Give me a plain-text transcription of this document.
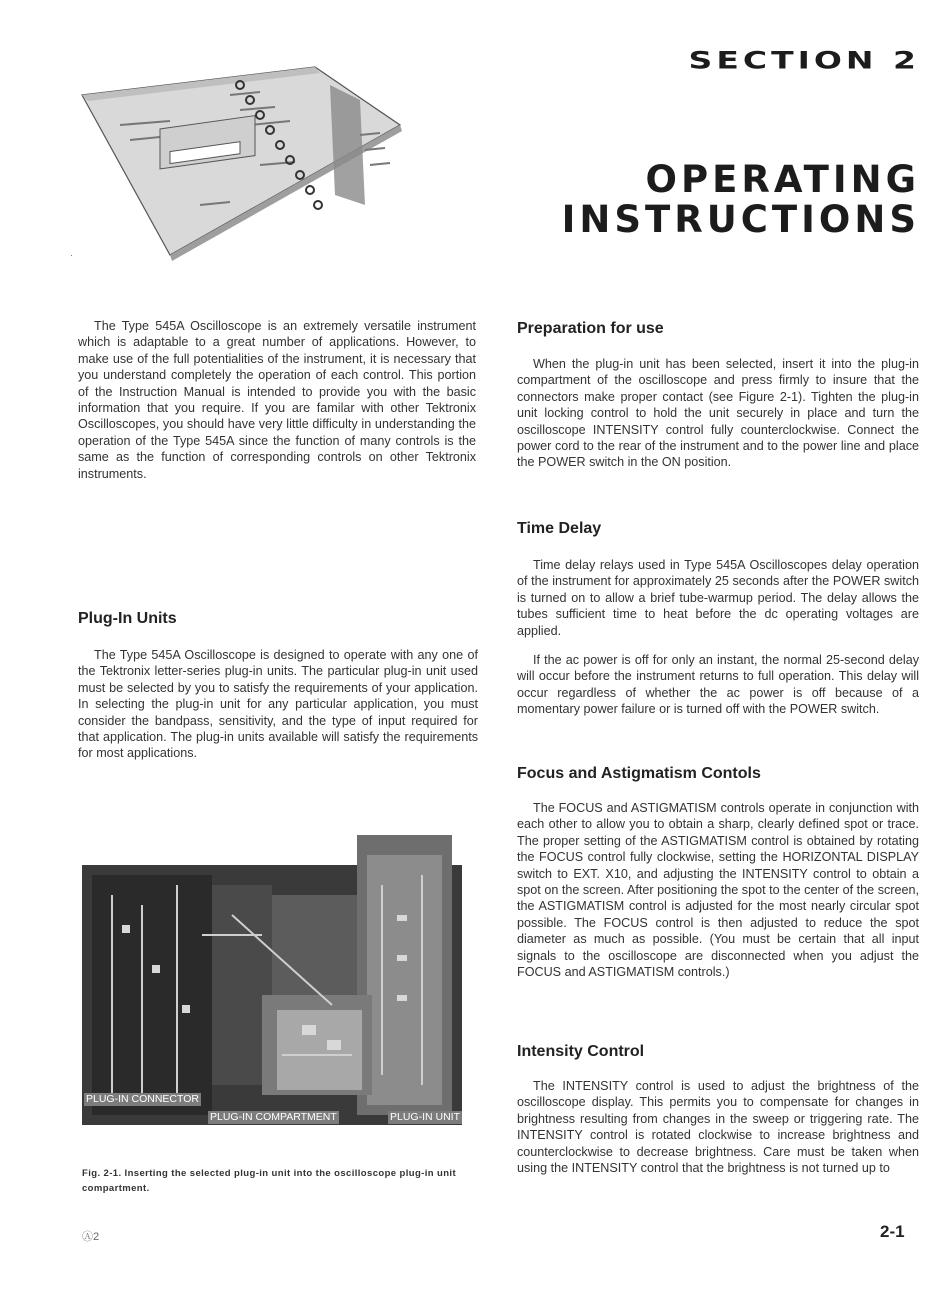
SECTION 2
OPERATING
INSTRUCTIONS
·

The Type 545A Oscilloscope is an extremely versatile instrument which is adaptable to a great number of applications. However, to make use of the full potentialities of the instrument, it is necessary that you understand completely the operation of each control. This portion of the Instruction Manual is intended to provide you with the basic information that you require. If you are familar with other Tektronix Oscilloscopes, you should have very little difficulty in understanding the operation of the Type 545A since the function of many controls is the same as the function of corresponding controls on other Tektronix instruments.

Plug-In Units

The Type 545A Oscilloscope is designed to operate with any one of the Tektronix letter-series plug-in units. The particular plug-in unit used must be selected by you to satisfy the requirements of your application. In selecting the plug-in unit for any particular application, you must consider the bandpass, sensitivity, and the type of input required for that application. The plug-in units available will satisfy the requirements for most applications.

PLUG-IN CONNECTOR
PLUG-IN COMPARTMENT	PLUG-IN UNIT
Fig. 2-1. Inserting the selected plug-in unit into the oscilloscope plug-in unit compartment.
Preparation for use

When the plug-in unit has been selected, insert it into the plug-in compartment of the oscilloscope and press firmly to insure that the connectors make proper contact (see Figure 2-1). Tighten the plug-in unit locking control to hold the unit securely in place and turn the oscilloscope INTENSITY control fully counterclockwise. Connect the power cord to the rear of the instrument and to the power line and place the POWER switch in the ON position.

Time Delay

Time delay relays used in Type 545A Oscilloscopes delay operation of the instrument for approximately 25 seconds after the POWER switch is turned on to allow a brief tube-warmup period. The delay allows the tubes sufficient time to heat before the dc operating voltages are applied.

If the ac power is off for only an instant, the normal 25-second delay will occur before the instrument returns to full operation. This delay will occur regardless of whether the ac power is off because of a momentary power failure or is turned off with the POWER switch.

Focus and Astigmatism Contols

The FOCUS and ASTIGMATISM controls operate in conjunction with each other to allow you to obtain a sharp, clearly defined spot or trace. The proper setting of the ASTIGMATISM control is obtained by rotating the FOCUS control fully clockwise, setting the HORIZONTAL DISPLAY switch to EXT. X10, and adjusting the INTENSITY control to obtain a spot on the screen. After positioning the spot to the center of the screen, the ASTIGMATISM control is adjusted for the most nearly circular spot possible. The FOCUS control is then adjusted to reduce the spot diameter as much as possible. (You must be certain that all input signals to the oscilloscope are disconnected when you adjust the FOCUS and ASTIGMATISM controls.)

Intensity Control

The INTENSITY control is used to adjust the brightness of the oscilloscope display. This permits you to compensate for changes in brightness resulting from changes in the sweep or triggering rate. The INTENSITY control is rotated clockwise to increase brightness and counterclockwise to decrease brightness. Care must be taken when using the INTENSITY control that the brightness is not turned up to

Ⓐ2	2-1
